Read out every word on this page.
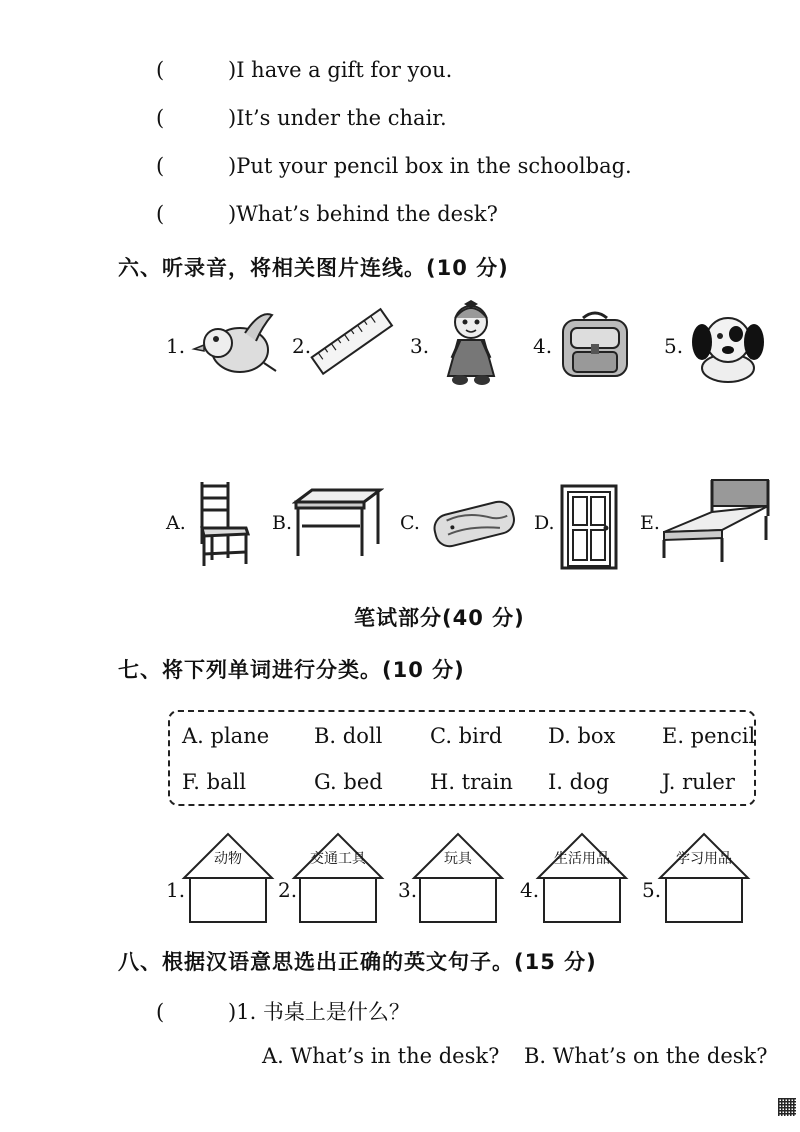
(	)I have a gift for you.
(	)It’s under the chair.
(	)Put your pencil box in the schoolbag.
(	)What’s behind the desk?
六、听录音，将相关图片连线。(10 分)
1.	2.	3.	4.	5.
A.	B.	C.	D.	E.
笔试部分(40 分)
七、将下列单词进行分类。(10 分)
A. plane B. doll C. bird D. box E. pencil
F. ball	G. bed H. train I. dog	J. ruler
1.
动物
2.
交通工具
3.
玩具
4.
生活用品
5.
学习用品
八、根据汉语意思选出正确的英文句子。(15 分)
(	)1. 书桌上是什么？
A. What’s in the desk? B. What’s on the desk?
